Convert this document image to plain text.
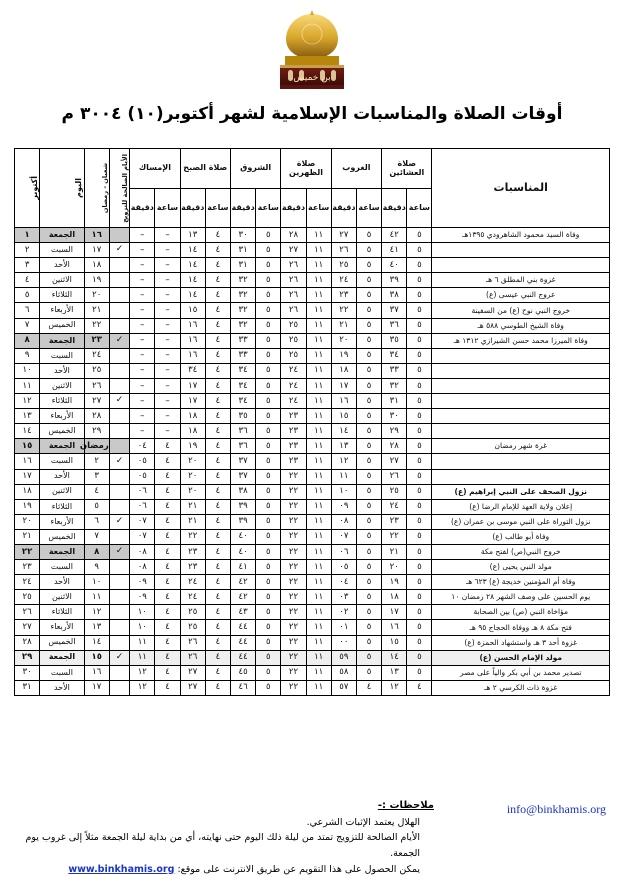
بن خميس
أوقات الصلاة والمناسبات الإسلامية لشهر أكتوبر(١٠) ٣٠٠٤ م
المناسبات	صلاة العشائين		الغروب		صلاة الظهرين		الشروق		صلاة الصبح		الإمساك		الأيام الصالحة للتزويج	شعبان - رمضان	اليوم	أكتوبر

	ساعة	دقيقة	ساعة	دقيقة	ساعة	دقيقة	ساعة	دقيقة	ساعة	دقيقة	ساعة	دقيقة				
وفاة السيد محمود الشاهرودي ١٣٩٥هـ	٥	٤٢	٥	٢٧	١١	٢٨	٥	٣٠	٤	١٣	–	–		١٦	الجمعة	١
	٥	٤١	٥	٢٦	١١	٢٧	٥	٣١	٤	١٤	–	–	✓	١٧	السبت	٢
	٥	٤٠	٥	٢٥	١١	٢٦	٥	٣١	٤	١٤	–	–		١٨	الأحد	٣
غزوة بني المطلق ٦ هـ	٥	٣٩	٥	٢٤	١١	٢٦	٥	٣٢	٤	١٤	–	–		١٩	الاثنين	٤
عروج النبي عيسى (ع)	٥	٣٨	٥	٢٣	١١	٢٦	٥	٣٢	٤	١٤	–	–		٢٠	الثلاثاء	٥
خروج النبي نوح (ع) من السفينة	٥	٣٧	٥	٢٢	١١	٢٦	٥	٣٢	٤	١٥	–	–		٢١	الأربعاء	٦
وفاة الشيخ الطوسي ٥٨٨ هـ	٥	٣٦	٥	٢١	١١	٢٥	٥	٣٢	٤	١٦	–	–		٢٢	الخميس	٧
وفاة الميرزا محمد حسن الشيرازي ١٣١٢ هـ	٥	٣٥	٥	٢٠	١١	٢٥	٥	٣٣	٤	١٦	–	–	✓	٢٣	الجمعة	٨
	٥	٣٤	٥	١٩	١١	٢٥	٥	٣٣	٤	١٦	–	–		٢٤	السبت	٩
	٥	٣٣	٥	١٨	١١	٢٤	٥	٣٤	٤	٣٤	–	–		٢٥	الأحد	١٠
	٥	٣٢	٥	١٧	١١	٢٤	٥	٣٤	٤	١٧	–	–		٢٦	الاثنين	١١
	٥	٣١	٥	١٦	١١	٢٤	٥	٣٤	٤	١٧	–	–	✓	٢٧	الثلاثاء	١٢
	٥	٣٠	٥	١٥	١١	٢٣	٥	٣٥	٤	١٨	–	–		٢٨	الأربعاء	١٣
	٥	٢٩	٥	١٤	١١	٢٣	٥	٣٦	٤	١٨	–	–		٢٩	الخميس	١٤
غرة شهر رمضان	٥	٢٨	٥	١٣	١١	٢٣	٥	٣٦	٤	١٩	٤	٠٤		رمضان	الجمعة	١٥
	٥	٢٧	٥	١٢	١١	٢٣	٥	٣٧	٤	٢٠	٤	٠٥	✓	٢	السبت	١٦
	٥	٢٦	٥	١١	١١	٢٢	٥	٣٧	٤	٢٠	٤	٠٥		٣	الأحد	١٧
نزول الصحف على النبي إبراهيم (ع)	٥	٢٥	٥	١٠	١١	٢٢	٥	٣٨	٤	٢٠	٤	٠٦		٤	الاثنين	١٨
إعلان ولاية العهد للإمام الرضا (ع)	٥	٢٤	٥	٠٩	١١	٢٢	٥	٣٩	٤	٢١	٤	٠٦		٥	الثلاثاء	١٩
نزول التوراة على النبي موسى بن عمران (ع)	٥	٢٣	٥	٠٨	١١	٢٢	٥	٣٩	٤	٢١	٤	٠٧	✓	٦	الأربعاء	٢٠
وفاة أبو طالب (ع)	٥	٢٢	٥	٠٧	١١	٢٢	٥	٤٠	٤	٢٢	٤	٠٧		٧	الخميس	٢١
خروج النبي(ص) لفتح مكة	٥	٢١	٥	٠٦	١١	٢٢	٥	٤٠	٤	٢٣	٤	٠٨	✓	٨	الجمعة	٢٢
مولد النبي يحيى (ع)	٥	٢٠	٥	٠٥	١١	٢٢	٥	٤١	٤	٢٣	٤	٠٨		٩	السبت	٢٣
وفاة أم المؤمنين خديجة (ع) ٦٢٣ هـ	٥	١٩	٥	٠٤	١١	٢٢	٥	٤٢	٤	٢٤	٤	٠٩		١٠	الأحد	٢٤
يوم الحسين على وصف الشهر ٢٨ رمضان ١٠	٥	١٨	٥	٠٣	١١	٢٢	٥	٤٢	٤	٢٤	٤	٠٩		١١	الاثنين	٢٥
مؤاخاة النبي (ص) بين الصحابة	٥	١٧	٥	٠٢	١١	٢٢	٥	٤٣	٤	٢٥	٤	١٠		١٢	الثلاثاء	٢٦
فتح مكة ٨ هـ ووفاة الحجاج ٩٥ هـ	٥	١٦	٥	٠١	١١	٢٢	٥	٤٤	٤	٢٥	٤	١٠		١٣	الأربعاء	٢٧
غزوة أحد ٣ هـ واستشهاد الحمزة (ع)	٥	١٥	٥	٠٠	١١	٢٢	٥	٤٤	٤	٢٦	٤	١١		١٤	الخميس	٢٨
مولد الإمام الحسن (ع)	٥	١٤	٥	٥٩	١١	٢٢	٥	٤٤	٤	٢٦	٤	١١	✓	١٥	الجمعة	٢٩
تصدير محمد بن أبي بكر والياً على مصر	٥	١٣	٥	٥٨	١١	٢٢	٥	٤٥	٤	٢٧	٤	١٢		١٦	السبت	٣٠
غزوة ذات الكرسي ٢ هـ	٤	١٢	٤	٥٧	١١	٢٢	٥	٤٦	٤	٢٧	٤	١٢		١٧	الأحد	٣١
info@binkhamis.org
ملاحظات :-
الهلال يعتمد الإثبات الشرعي.
الأيام الصالحة للتزويج تمتد من ليلة ذلك اليوم حتى نهايته، أي من بداية ليلة الجمعة مثلاً إلى غروب يوم الجمعة.
يمكن الحصول على هذا التقويم عن طريق الانترنت على موقع: www.binkhamis.org
